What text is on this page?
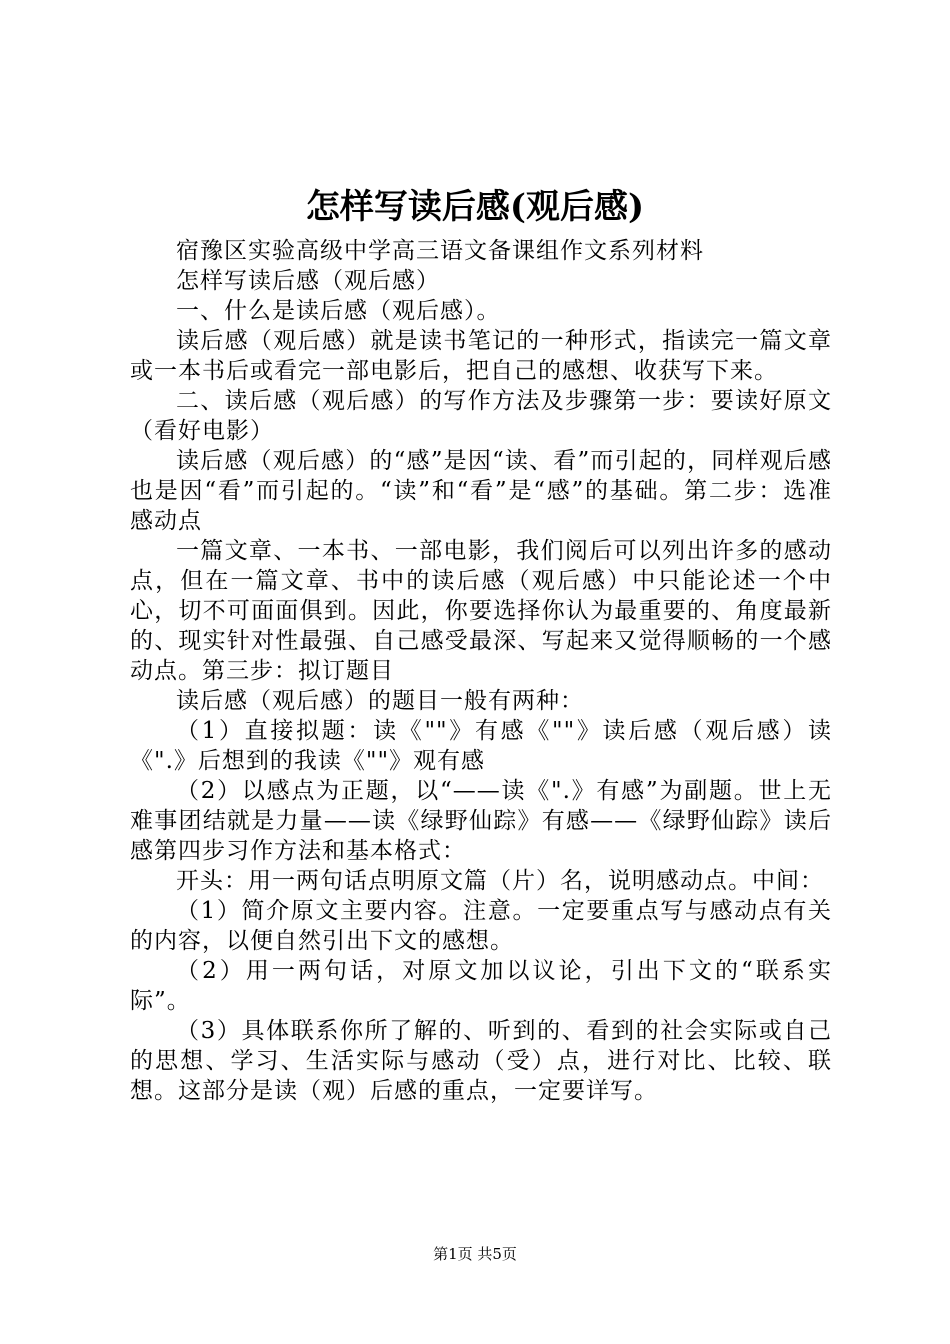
怎样写读后感(观后感)

宿豫区实验高级中学高三语文备课组作文系列材料

怎样写读后感（观后感）

一、什么是读后感（观后感）。

读后感（观后感）就是读书笔记的一种形式，指读完一篇文章或一本书后或看完一部电影后，把自己的感想、收获写下来。

二、读后感（观后感）的写作方法及步骤第一步：要读好原文（看好电影）

读后感（观后感）的“感”是因“读、看”而引起的，同样观后感也是因“看”而引起的。“读”和“看”是“感”的基础。第二步：选准感动点

一篇文章、一本书、一部电影，我们阅后可以列出许多的感动点，但在一篇文章、书中的读后感（观后感）中只能论述一个中心，切不可面面俱到。因此，你要选择你认为最重要的、角度最新的、现实针对性最强、自己感受最深、写起来又觉得顺畅的一个感动点。第三步：拟订题目

读后感（观后感）的题目一般有两种：

（1）直接拟题：读《""》有感《""》读后感（观后感）读《".》后想到的我读《""》观有感

（2）以感点为正题，以“——读《".》有感”为副题。世上无难事团结就是力量——读《绿野仙踪》有感——《绿野仙踪》读后感第四步习作方法和基本格式：

开头：用一两句话点明原文篇（片）名，说明感动点。中间：

（1）简介原文主要内容。注意。一定要重点写与感动点有关的内容，以便自然引出下文的感想。

（2）用一两句话，对原文加以议论，引出下文的“联系实际”。

（3）具体联系你所了解的、听到的、看到的社会实际或自己的思想、学习、生活实际与感动（受）点，进行对比、比较、联想。这部分是读（观）后感的重点，一定要详写。

第1页 共5页
